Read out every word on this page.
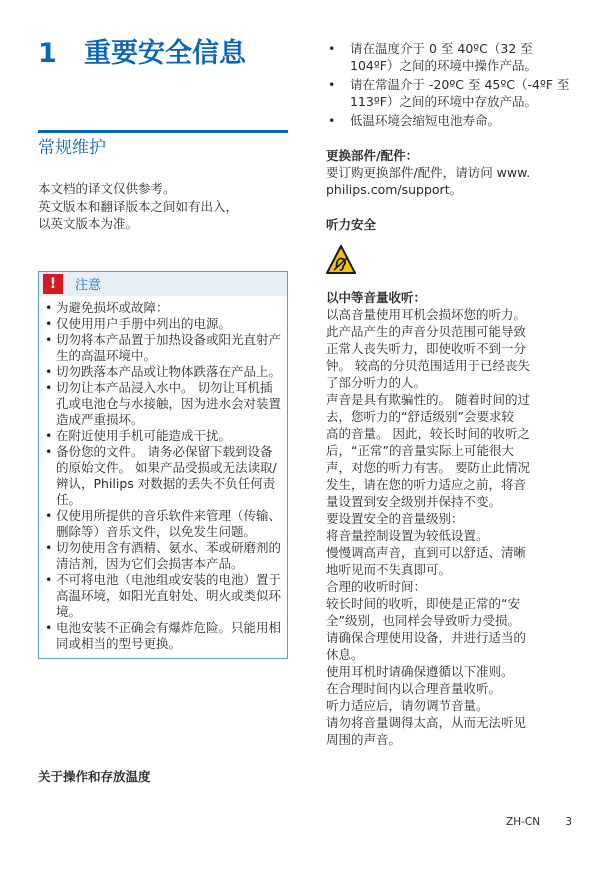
1	重要安全信息
常规维护
本文档的译文仅供参考。
英文版本和翻译版本之间如有出入，
以英文版本为准。
!	注意
• 为避免损坏或故障：
• 仅使用用户手册中列出的电源。
• 切勿将本产品置于加热设备或阳光直射产生的高温环境中。
• 切勿跌落本产品或让物体跌落在产品上。
• 切勿让本产品浸入水中。 切勿让耳机插孔或电池仓与水接触，因为进水会对装置造成严重损坏。
• 在附近使用手机可能造成干扰。
• 备份您的文件。 请务必保留下载到设备的原始文件。 如果产品受损或无法读取/辨认，Philips 对数据的丢失不负任何责任。
• 仅使用所提供的音乐软件来管理（传输、删除等）音乐文件，以免发生问题。
• 切勿使用含有酒精、氨水、苯或研磨剂的清洁剂，因为它们会损害本产品。
• 不可将电池（电池组或安装的电池）置于高温环境，如阳光直射处、明火或类似环境。
• 电池安装不正确会有爆炸危险。只能用相同或相当的型号更换。
关于操作和存放温度
• 请在温度介于 0 至 40ºC（32 至 104ºF）之间的环境中操作产品。
• 请在常温介于 -20ºC 至 45ºC（-4ºF 至 113ºF）之间的环境中存放产品。
• 低温环境会缩短电池寿命。
更换部件/配件：
要订购更换部件/配件，请访问 www.
philips.com/support。
听力安全
以中等音量收听：
以高音量使用耳机会损坏您的听力。
此产品产生的声音分贝范围可能导致
正常人丧失听力，即使收听不到一分
钟。 较高的分贝范围适用于已经丧失
了部分听力的人。
声音是具有欺骗性的。 随着时间的过
去，您听力的“舒适级别”会要求较
高的音量。 因此，较长时间的收听之
后，“正常”的音量实际上可能很大
声，对您的听力有害。 要防止此情况
发生，请在您的听力适应之前，将音
量设置到安全级别并保持不变。
要设置安全的音量级别：
将音量控制设置为较低设置。
慢慢调高声音，直到可以舒适、清晰
地听见而不失真即可。
合理的收听时间：
较长时间的收听，即使是正常的“安
全”级别，也同样会导致听力受损。
请确保合理使用设备，并进行适当的
休息。
使用耳机时请确保遵循以下准则。
在合理时间内以合理音量收听。
听力适应后，请勿调节音量。
请勿将音量调得太高，从而无法听见
周围的声音。
ZH-CN 3
